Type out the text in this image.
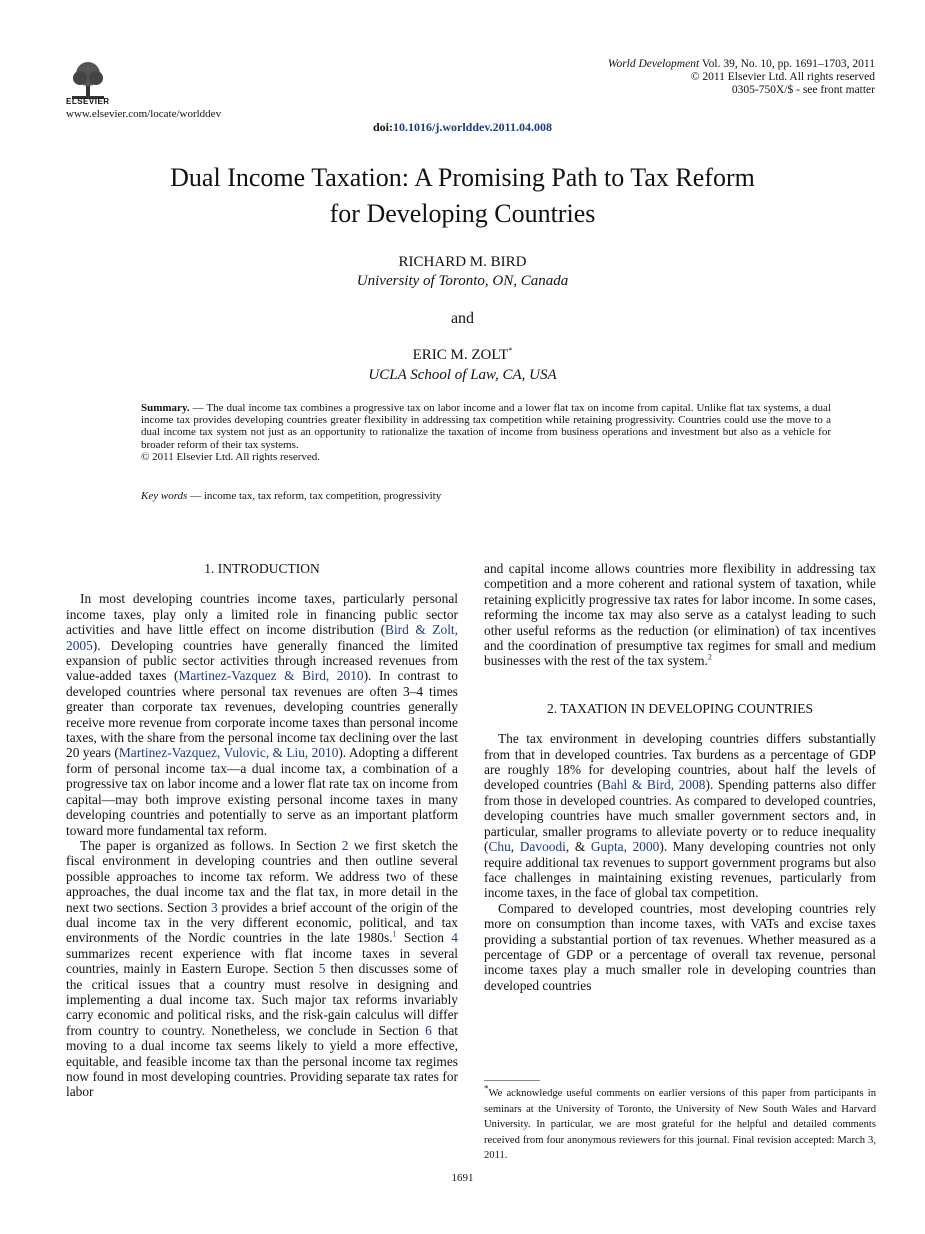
ELSEVIER
www.elsevier.com/locate/worlddev
World Development Vol. 39, No. 10, pp. 1691–1703, 2011
© 2011 Elsevier Ltd. All rights reserved
0305-750X/$ - see front matter
doi:10.1016/j.worlddev.2011.04.008
Dual Income Taxation: A Promising Path to Tax Reform
for Developing Countries
RICHARD M. BIRD
University of Toronto, ON, Canada
and
ERIC M. ZOLT*
UCLA School of Law, CA, USA
Summary. — The dual income tax combines a progressive tax on labor income and a lower flat tax on income from capital. Unlike flat tax systems, a dual income tax provides developing countries greater flexibility in addressing tax competition while retaining progressivity. Countries could use the move to a dual income tax system not just as an opportunity to rationalize the taxation of income from business operations and investment but also as a vehicle for broader reform of their tax systems.
© 2011 Elsevier Ltd. All rights reserved.
Key words — income tax, tax reform, tax competition, progressivity
1. INTRODUCTION

In most developing countries income taxes, particularly personal income taxes, play only a limited role in financing public sector activities and have little effect on income distribution (Bird & Zolt, 2005). Developing countries have generally financed the limited expansion of public sector activities through increased revenues from value-added taxes (Martinez-Vazquez & Bird, 2010). In contrast to developed countries where personal tax revenues are often 3–4 times greater than corporate tax revenues, developing countries generally receive more revenue from corporate income taxes than personal income taxes, with the share from the personal income tax declining over the last 20 years (Martinez-Vazquez, Vulovic, & Liu, 2010). Adopting a different form of personal income tax—a dual income tax, a combination of a progressive tax on labor income and a lower flat rate tax on income from capital—may both improve existing personal income taxes in many developing countries and potentially to serve as an important platform toward more fundamental tax reform.

The paper is organized as follows. In Section 2 we first sketch the fiscal environment in developing countries and then outline several possible approaches to income tax reform. We address two of these approaches, the dual income tax and the flat tax, in more detail in the next two sections. Section 3 provides a brief account of the origin of the dual income tax in the very different economic, political, and tax environments of the Nordic countries in the late 1980s.$^1$ Section 4 summarizes recent experience with flat income taxes in several countries, mainly in Eastern Europe. Section 5 then discusses some of the critical issues that a country must resolve in designing and implementing a dual income tax. Such major tax reforms invariably carry economic and political risks, and the risk-gain calculus will differ from country to country. Nonetheless, we conclude in Section 6 that moving to a dual income tax seems likely to yield a more effective, equitable, and feasible income tax than the personal income tax regimes now found in most developing countries. Providing separate tax rates for labor

and capital income allows countries more flexibility in addressing tax competition and a more coherent and rational system of taxation, while retaining explicitly progressive tax rates for labor income. In some cases, reforming the income tax may also serve as a catalyst leading to such other useful reforms as the reduction (or elimination) of tax incentives and the coordination of presumptive tax regimes for small and medium businesses with the rest of the tax system.$^2$

2. TAXATION IN DEVELOPING COUNTRIES

The tax environment in developing countries differs substantially from that in developed countries. Tax burdens as a percentage of GDP are roughly 18% for developing countries, about half the levels of developed countries (Bahl & Bird, 2008). Spending patterns also differ from those in developed countries. As compared to developed countries, developing countries have much smaller government sectors and, in particular, smaller programs to alleviate poverty or to reduce inequality (Chu, Davoodi, & Gupta, 2000). Many developing countries not only require additional tax revenues to support government programs but also face challenges in maintaining existing revenues, particularly from income taxes, in the face of global tax competition.

Compared to developed countries, most developing countries rely more on consumption than income taxes, with VATs and excise taxes providing a substantial portion of tax revenues. Whether measured as a percentage of GDP or a percentage of overall tax revenue, personal income taxes play a much smaller role in developing countries than developed countries

*We acknowledge useful comments on earlier versions of this paper from participants in seminars at the University of Toronto, the University of New South Wales and Harvard University. In particular, we are most grateful for the helpful and detailed comments received from four anonymous reviewers for this journal. Final revision accepted: March 3, 2011.
1691
